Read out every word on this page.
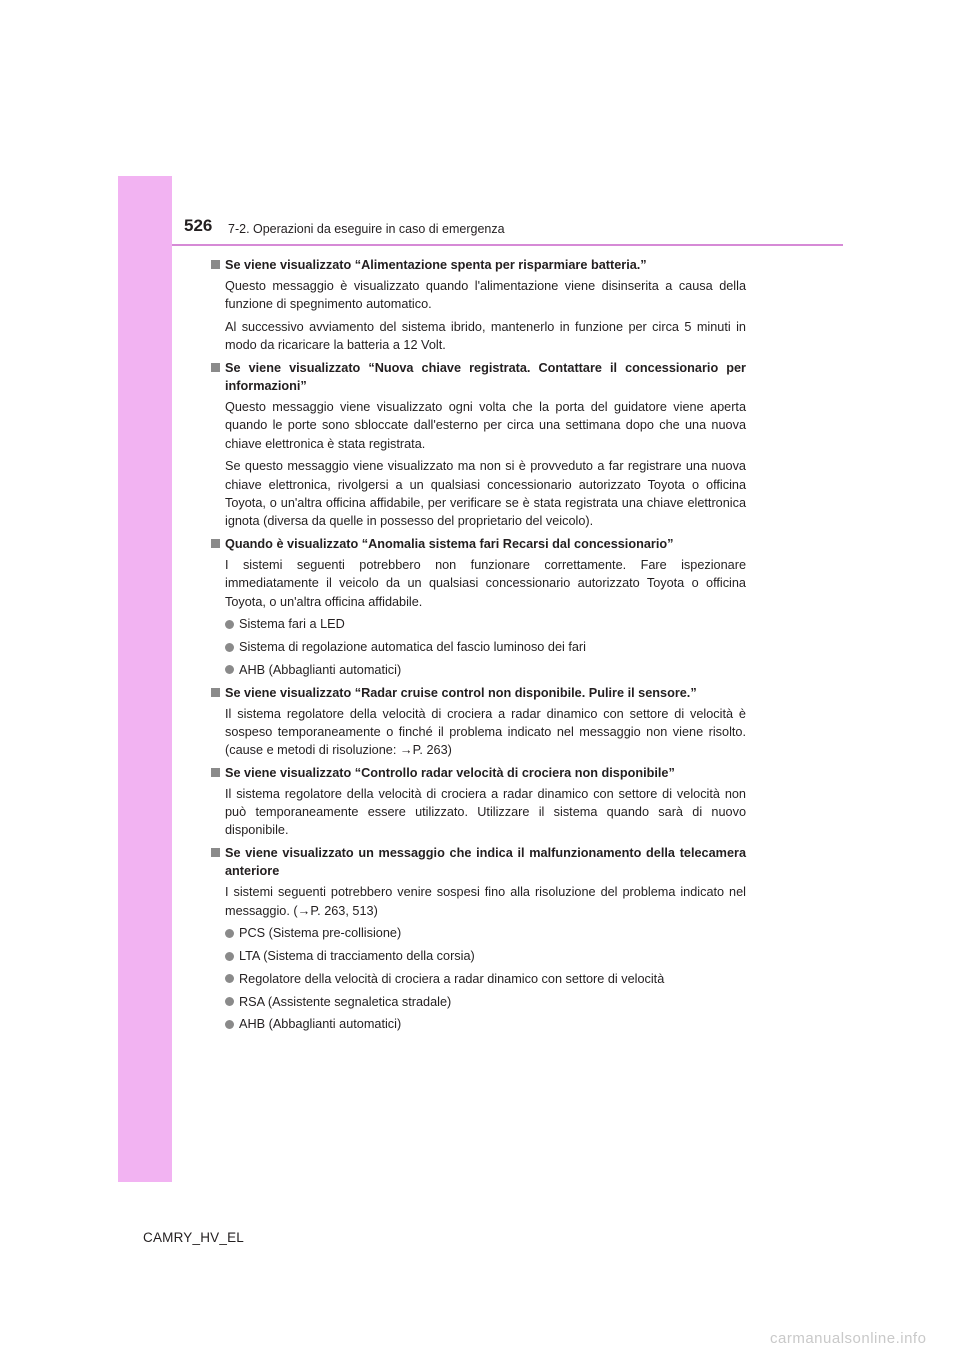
526 7-2. Operazioni da eseguire in caso di emergenza
Se viene visualizzato “Alimentazione spenta per risparmiare batteria.”
Questo messaggio è visualizzato quando l'alimentazione viene disinserita a causa della funzione di spegnimento automatico.
Al successivo avviamento del sistema ibrido, mantenerlo in funzione per circa 5 minuti in modo da ricaricare la batteria a 12 Volt.
Se viene visualizzato “Nuova chiave registrata. Contattare il concessionario per informazioni”
Questo messaggio viene visualizzato ogni volta che la porta del guidatore viene aperta quando le porte sono sbloccate dall'esterno per circa una settimana dopo che una nuova chiave elettronica è stata registrata.
Se questo messaggio viene visualizzato ma non si è provveduto a far registrare una nuova chiave elettronica, rivolgersi a un qualsiasi concessionario autorizzato Toyota o officina Toyota, o un'altra officina affidabile, per verificare se è stata registrata una chiave elettronica ignota (diversa da quelle in possesso del proprietario del veicolo).
Quando è visualizzato “Anomalia sistema fari Recarsi dal concessionario”
I sistemi seguenti potrebbero non funzionare correttamente. Fare ispezionare immediatamente il veicolo da un qualsiasi concessionario autorizzato Toyota o officina Toyota, o un'altra officina affidabile.
Sistema fari a LED
Sistema di regolazione automatica del fascio luminoso dei fari
AHB (Abbaglianti automatici)
Se viene visualizzato “Radar cruise control non disponibile. Pulire il sensore.”
Il sistema regolatore della velocità di crociera a radar dinamico con settore di velocità è sospeso temporaneamente o finché il problema indicato nel messaggio non viene risolto. (cause e metodi di risoluzione: →P. 263)
Se viene visualizzato “Controllo radar velocità di crociera non disponibile”
Il sistema regolatore della velocità di crociera a radar dinamico con settore di velocità non può temporaneamente essere utilizzato. Utilizzare il sistema quando sarà di nuovo disponibile.
Se viene visualizzato un messaggio che indica il malfunzionamento della telecamera anteriore
I sistemi seguenti potrebbero venire sospesi fino alla risoluzione del problema indicato nel messaggio. (→P. 263, 513)
PCS (Sistema pre-collisione)
LTA (Sistema di tracciamento della corsia)
Regolatore della velocità di crociera a radar dinamico con settore di velocità
RSA (Assistente segnaletica stradale)
AHB (Abbaglianti automatici)
CAMRY_HV_EL
carmanualsonline.info
